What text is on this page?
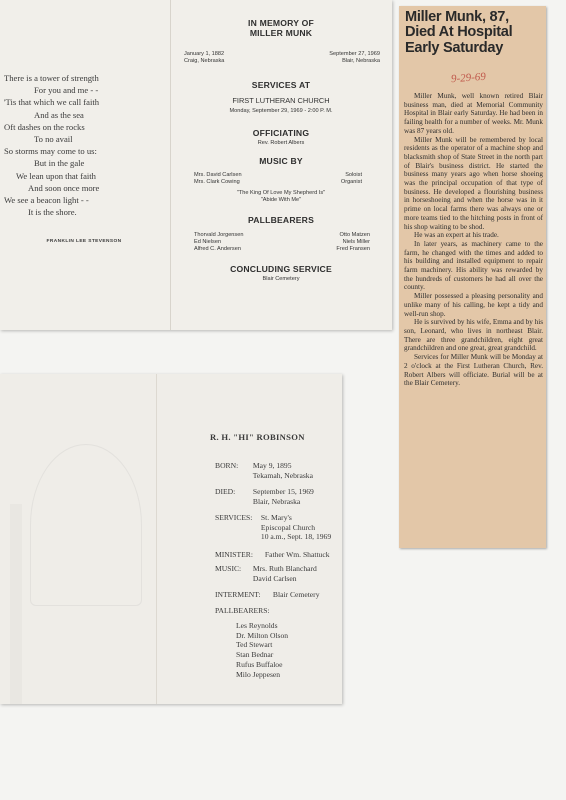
There is a tower of strength
For you and me - -
'Tis that which we call faith
And as the sea
Oft dashes on the rocks
To no avail
So storms may come to us:
But in the gale
We lean upon that faith
And soon once more
We see a beacon light - -
It is the shore.
FRANKLIN LEE STEVENSON
IN MEMORY OF
MILLER MUNK
January 1, 1882
Craig, Nebraska
September 27, 1969
Blair, Nebraska
SERVICES AT
FIRST LUTHERAN CHURCH
Monday, September 29, 1969 - 2:00 P. M.
OFFICIATING
Rev. Robert Albers
MUSIC BY
Mrs. David Carlsen	Soloist
Mrs. Clark Cowing	Organist
"The King Of Love My Shepherd Is"
"Abide With Me"
PALLBEARERS
Thorvald Jorgensen	Otto Matzen
Ed Nielsen	Niels Miller
Alfred C. Andersen	Fred Fransen
CONCLUDING SERVICE
Blair Cemetery
R. H. "HI" ROBINSON
BORN: May 9, 1895
Tekamah, Nebraska
DIED: September 15, 1969
Blair, Nebraska
SERVICES: St. Mary's
Episcopal Church
10 a.m., Sept. 18, 1969
MINISTER: Father Wm. Shattuck
MUSIC: Mrs. Ruth Blanchard
David Carlsen
INTERMENT: Blair Cemetery
PALLBEARERS:
Les Reynolds
Dr. Milton Olson
Ted Stewart
Stan Bednar
Rufus Buffaloe
Milo Jeppesen
Miller Munk, 87, Died At Hospital Early Saturday
9-29-69

Miller Munk, well known retired Blair business man, died at Memorial Community Hospital in Blair early Saturday. He had been in failing health for a number of weeks. Mr. Munk was 87 years old.

Miller Munk will be remembered by local residents as the operator of a machine shop and blacksmith shop of State Street in the north part of Blair's business district. He started the business many years ago when horse shoeing was the principal occupation of that type of business. He developed a flourishing business in horseshoeing and when the horse was in it prime on local farms there was always one or more teams tied to the hitching posts in front of his shop waiting to be shod.

He was an expert at his trade.

In later years, as machinery came to the farm, he changed with the times and added to his building and installed equipment to repair farm machinery. His ability was rewarded by the hundreds of customers he had all over the county.

Miller possessed a pleasing personality and unlike many of his calling, he kept a tidy and well-run shop.

He is survived by his wife, Emma and by his son, Leonard, who lives in northeast Blair. There are three grandchildren, eight great grandchildren and one great, great grandchild.

Services for Miller Munk will be Monday at 2 o'clock at the First Lutheran Church, Rev. Robert Albers will officiate. Burial will be at the Blair Cemetery.
